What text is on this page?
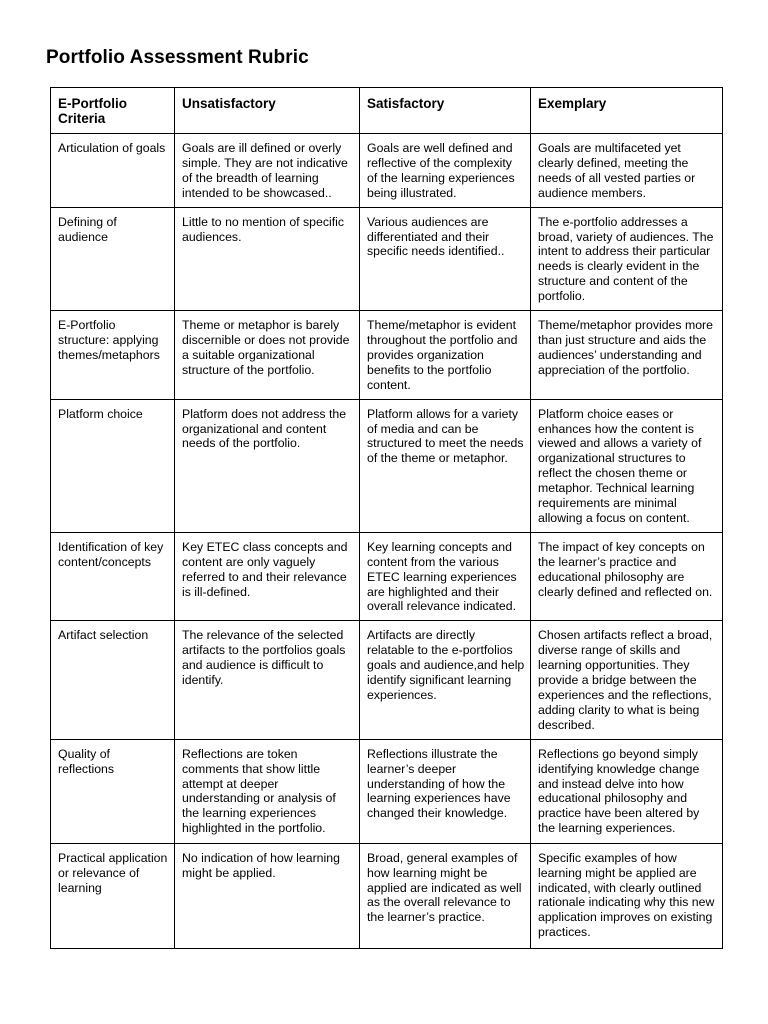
Portfolio Assessment Rubric
E-Portfolio Criteria	Unsatisfactory	Satisfactory	Exemplary
Articulation of goals	Goals are ill defined or overly simple. They are not indicative of the breadth of learning intended to be showcased..	Goals are well defined and reflective of the complexity of the learning experiences being illustrated.	Goals are multifaceted yet clearly defined, meeting the needs of all vested parties or audience members.
Defining of audience	Little to no mention of specific audiences.	Various audiences are differentiated and their specific needs identified..	The e-portfolio addresses a broad, variety of audiences. The intent to address their particular needs is clearly evident in the structure and content of the portfolio.
E-Portfolio structure: applying themes/metaphors	Theme or metaphor is barely discernible or does not provide a suitable organizational structure of the portfolio.	Theme/metaphor is evident throughout the portfolio and provides organization benefits to the portfolio content.	Theme/metaphor provides more than just structure and aids the audiences’ understanding and appreciation of the portfolio.
Platform choice	Platform does not address the organizational and content needs of the portfolio.	Platform allows for a variety of media and can be structured to meet the needs of the theme or metaphor.	Platform choice eases or enhances how the content is viewed and allows a variety of organizational structures to reflect the chosen theme or metaphor. Technical learning requirements are minimal allowing a focus on content.
Identification of key content/concepts	Key ETEC class concepts and content are only vaguely referred to and their relevance is ill-defined.	Key learning concepts and content from the various ETEC learning experiences are highlighted and their overall relevance indicated.	The impact of key concepts on the learner’s practice and educational philosophy are clearly defined and reflected on.
Artifact selection	The relevance of the selected artifacts to the portfolios goals and audience is difficult to identify.	Artifacts are directly relatable to the e-portfolios goals and audience,and help identify significant learning experiences.	Chosen artifacts reflect a broad, diverse range of skills and learning opportunities. They provide a bridge between the experiences and the reflections, adding clarity to what is being described.
Quality of reflections	Reflections are token comments that show little attempt at deeper understanding or analysis of the learning experiences highlighted in the portfolio.	Reflections illustrate the learner’s deeper understanding of how the learning experiences have changed their knowledge.	Reflections go beyond simply identifying knowledge change and instead delve into how educational philosophy and practice have been altered by the learning experiences.
Practical application or relevance of learning	No indication of how learning might be applied.	Broad, general examples of how learning might be applied are indicated as well as the overall relevance to the learner’s practice.	Specific examples of how learning might be applied are indicated, with clearly outlined rationale indicating why this new application improves on existing practices.
